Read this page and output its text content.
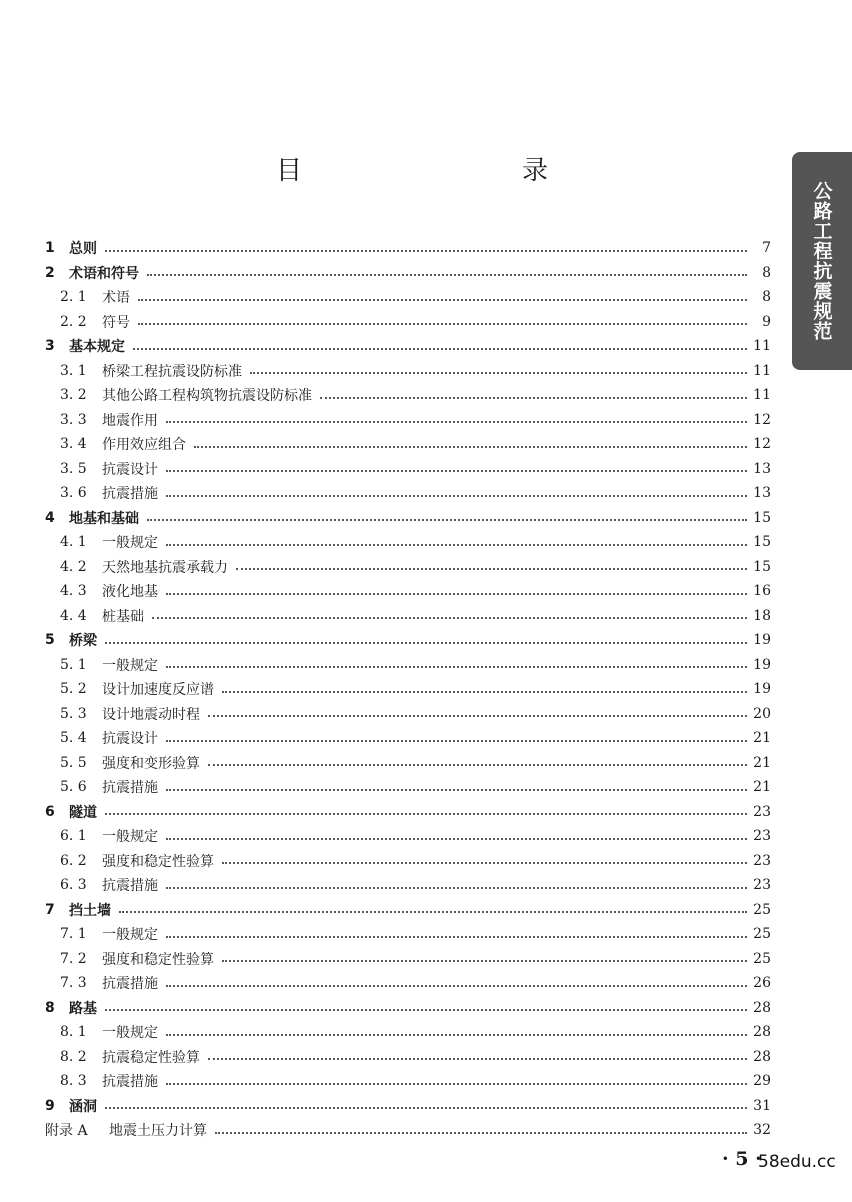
目　　录
公路工程抗震规范
1	总则	7
2	术语和符号	8
2. 1	术语	8
2. 2	符号	9
3	基本规定	11
3. 1	桥梁工程抗震设防标准	11
3. 2	其他公路工程构筑物抗震设防标准	11
3. 3	地震作用	12
3. 4	作用效应组合	12
3. 5	抗震设计	13
3. 6	抗震措施	13
4	地基和基础	15
4. 1	一般规定	15
4. 2	天然地基抗震承载力	15
4. 3	液化地基	16
4. 4	桩基础	18
5	桥梁	19
5. 1	一般规定	19
5. 2	设计加速度反应谱	19
5. 3	设计地震动时程	20
5. 4	抗震设计	21
5. 5	强度和变形验算	21
5. 6	抗震措施	21
6	隧道	23
6. 1	一般规定	23
6. 2	强度和稳定性验算	23
6. 3	抗震措施	23
7	挡土墙	25
7. 1	一般规定	25
7. 2	强度和稳定性验算	25
7. 3	抗震措施	26
8	路基	28
8. 1	一般规定	28
8. 2	抗震稳定性验算	28
8. 3	抗震措施	29
9	涵洞	31
附录 A	地震土压力计算	32
· 5 ·
58edu.cc
